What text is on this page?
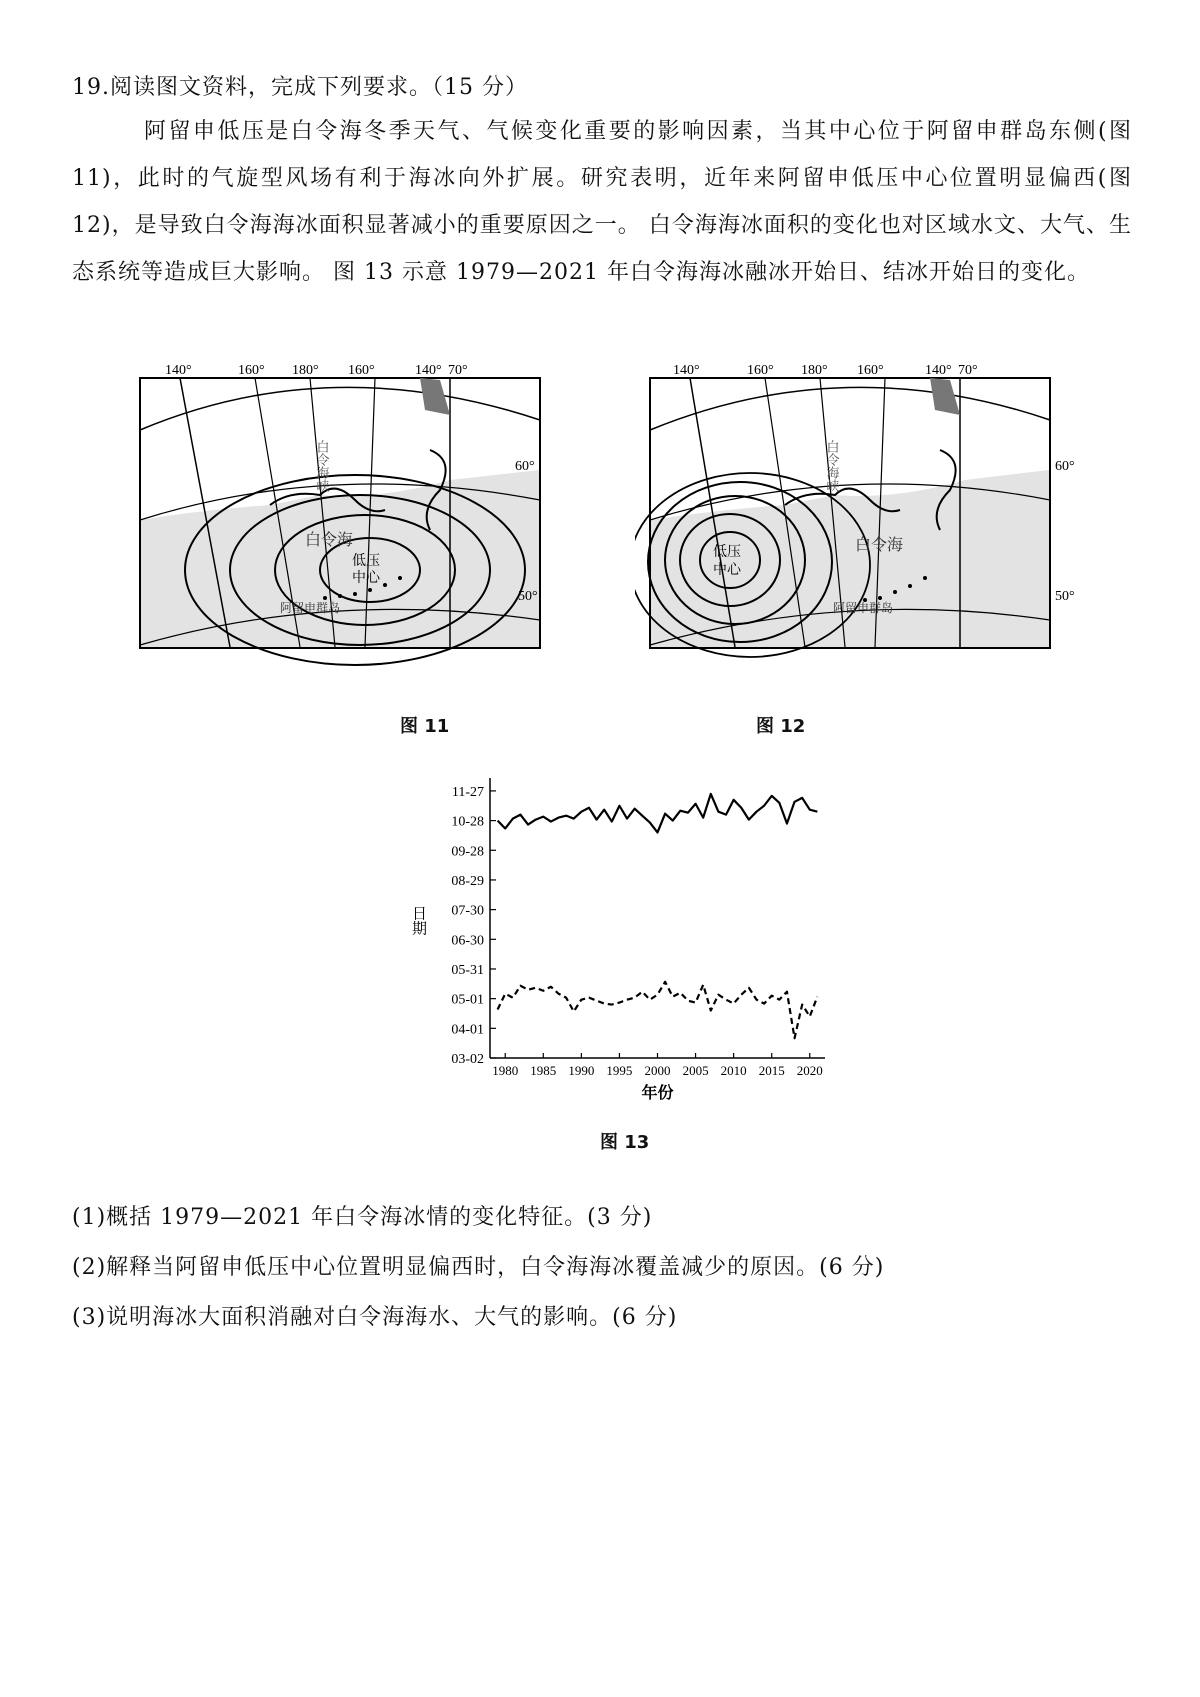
19.阅读图文资料，完成下列要求。（15 分）
阿留申低压是白令海冬季天气、气候变化重要的影响因素，当其中心位于阿留申群岛东侧(图 11)，此时的气旋型风场有利于海冰向外扩展。研究表明，近年来阿留申低压中心位置明显偏西(图 12)，是导致白令海海冰面积显著减小的重要原因之一。 白令海海冰面积的变化也对区域水文、大气、生态系统等造成巨大影响。 图 13 示意 1979—2021 年白令海海冰融冰开始日、结冰开始日的变化。
140°	160° 180° 160°	140° 70°
60°
50°
白令海
低压
中心
阿留申群岛
白令海峡
图 11
140°	160° 180° 160°	140° 70°
60°
50°
白令海
低压
中心
阿留申群岛
白令海峡
图 12
03-02
04-01
05-01
05-31
06-30
07-30
08-29
09-28
10-28
11-27
1980 1985 1990 1995 2000 2005 2010 2015 2020
年份
日期
图 13
(1)概括 1979—2021 年白令海冰情的变化特征。(3 分)
(2)解释当阿留申低压中心位置明显偏西时，白令海海冰覆盖减少的原因。(6 分)
(3)说明海冰大面积消融对白令海海水、大气的影响。(6 分)
